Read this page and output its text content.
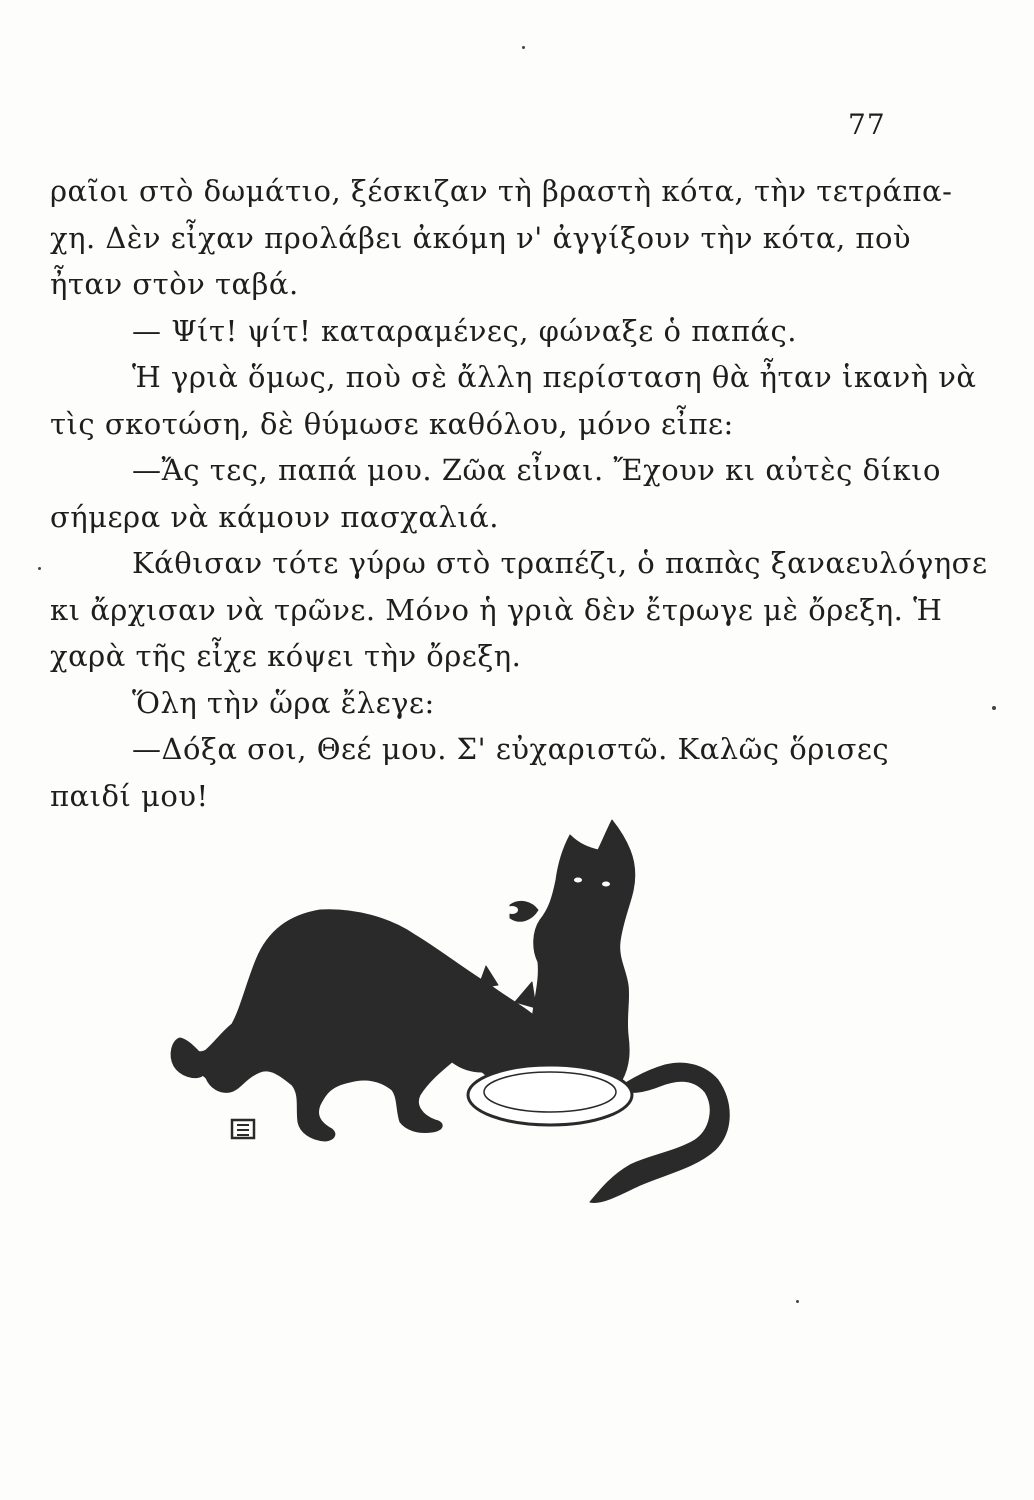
77
ραῖοι στὸ δωμάτιο, ξέσκιζαν τὴ βραστὴ κότα, τὴν τετράπα-
χη. Δὲν εἶχαν προλάβει ἀκόμη ν' ἀγγίξουν τὴν κότα, ποὺ
ἦταν στὸν ταβά.
— Ψίτ! ψίτ! καταραμένες, φώναξε ὁ παπάς.
Ἡ γριὰ ὅμως, ποὺ σὲ ἄλλη περίσταση θὰ ἦταν ἱκανὴ νὰ
τὶς σκοτώση, δὲ θύμωσε καθόλου, μόνο εἶπε:
—Ἄς τες, παπά μου. Ζῶα εἶναι. Ἔχουν κι αὐτὲς δίκιο
σήμερα νὰ κάμουν πασχαλιά.
Κάθισαν τότε γύρω στὸ τραπέζι, ὁ παπὰς ξαναευλόγησε
κι ἄρχισαν νὰ τρῶνε. Μόνο ἡ γριὰ δὲν ἔτρωγε μὲ ὄρεξη. Ἡ
χαρὰ τῆς εἶχε κόψει τὴν ὄρεξη.
Ὅλη τὴν ὥρα ἔλεγε:
—Δόξα σοι, Θεέ μου. Σ' εὐχαριστῶ. Καλῶς ὅρισες
παιδί μου!
